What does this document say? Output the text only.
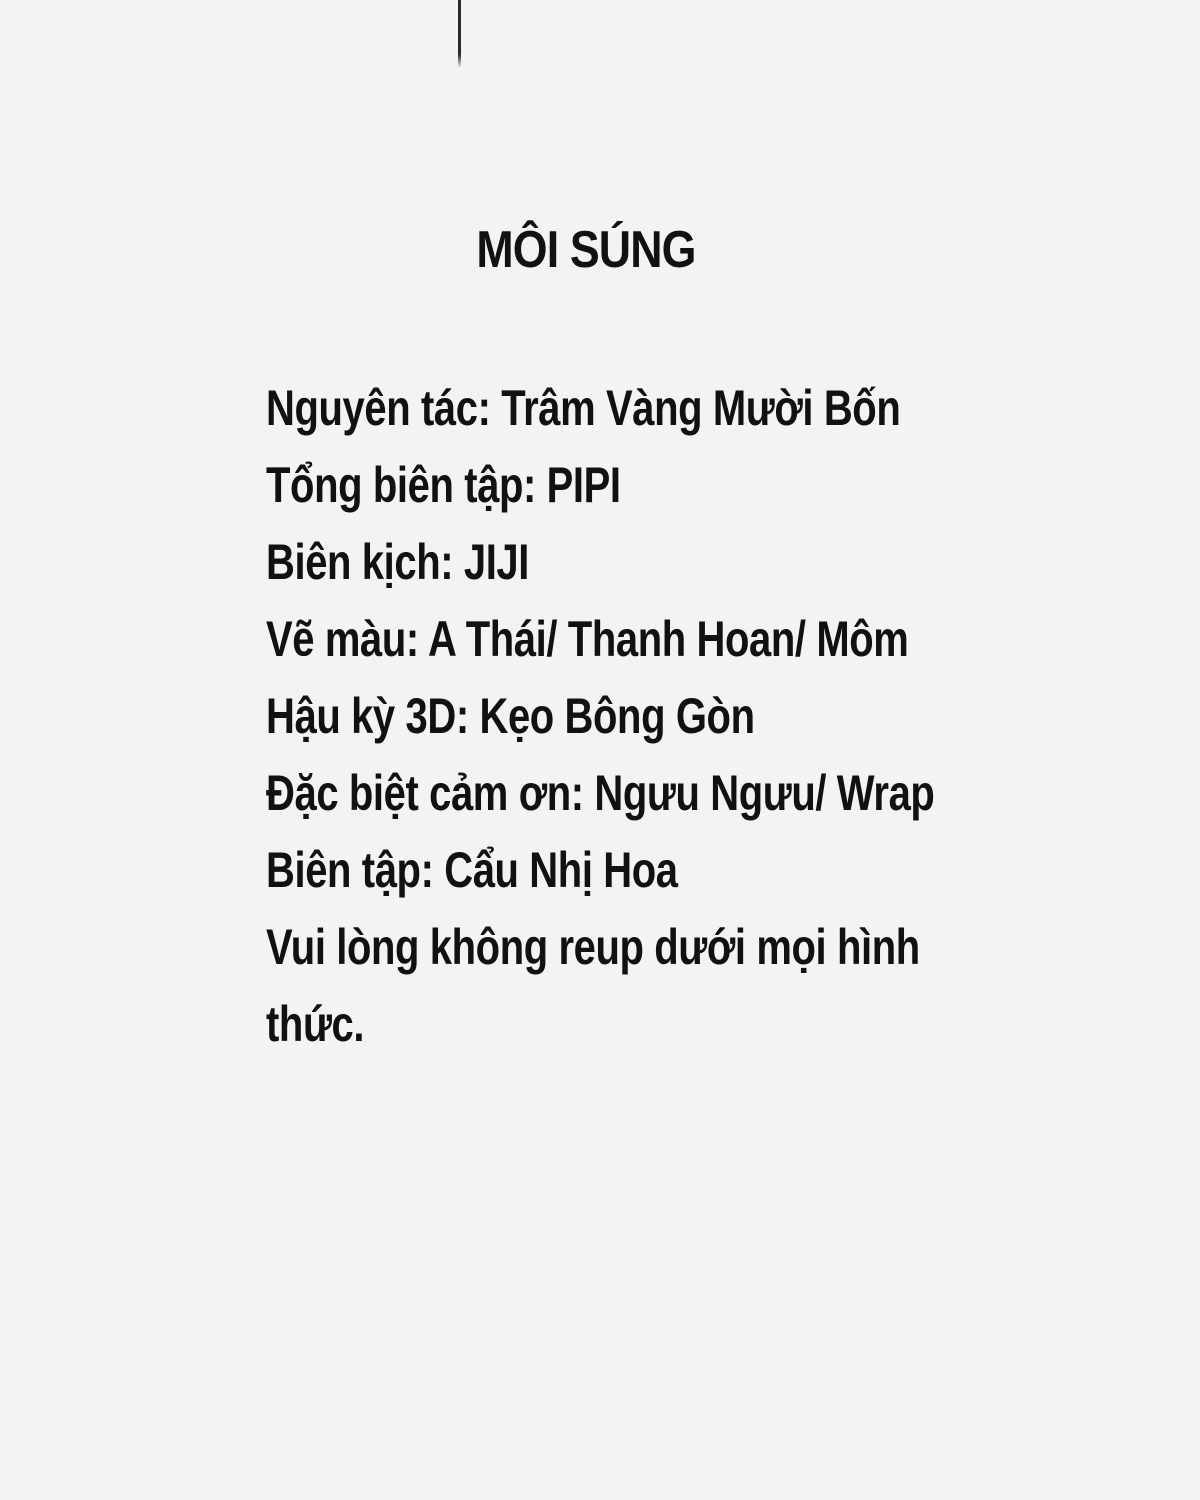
MÔI SÚNG
Nguyên tác: Trâm Vàng Mười Bốn
Tổng biên tập: PIPI
Biên kịch: JIJI
Vẽ màu: A Thái/ Thanh Hoan/ Môm
Hậu kỳ 3D: Kẹo Bông Gòn
Đặc biệt cảm ơn: Ngưu Ngưu/ Wrap
Biên tập: Cẩu Nhị Hoa
Vui lòng không reup dưới mọi hình
thức.
